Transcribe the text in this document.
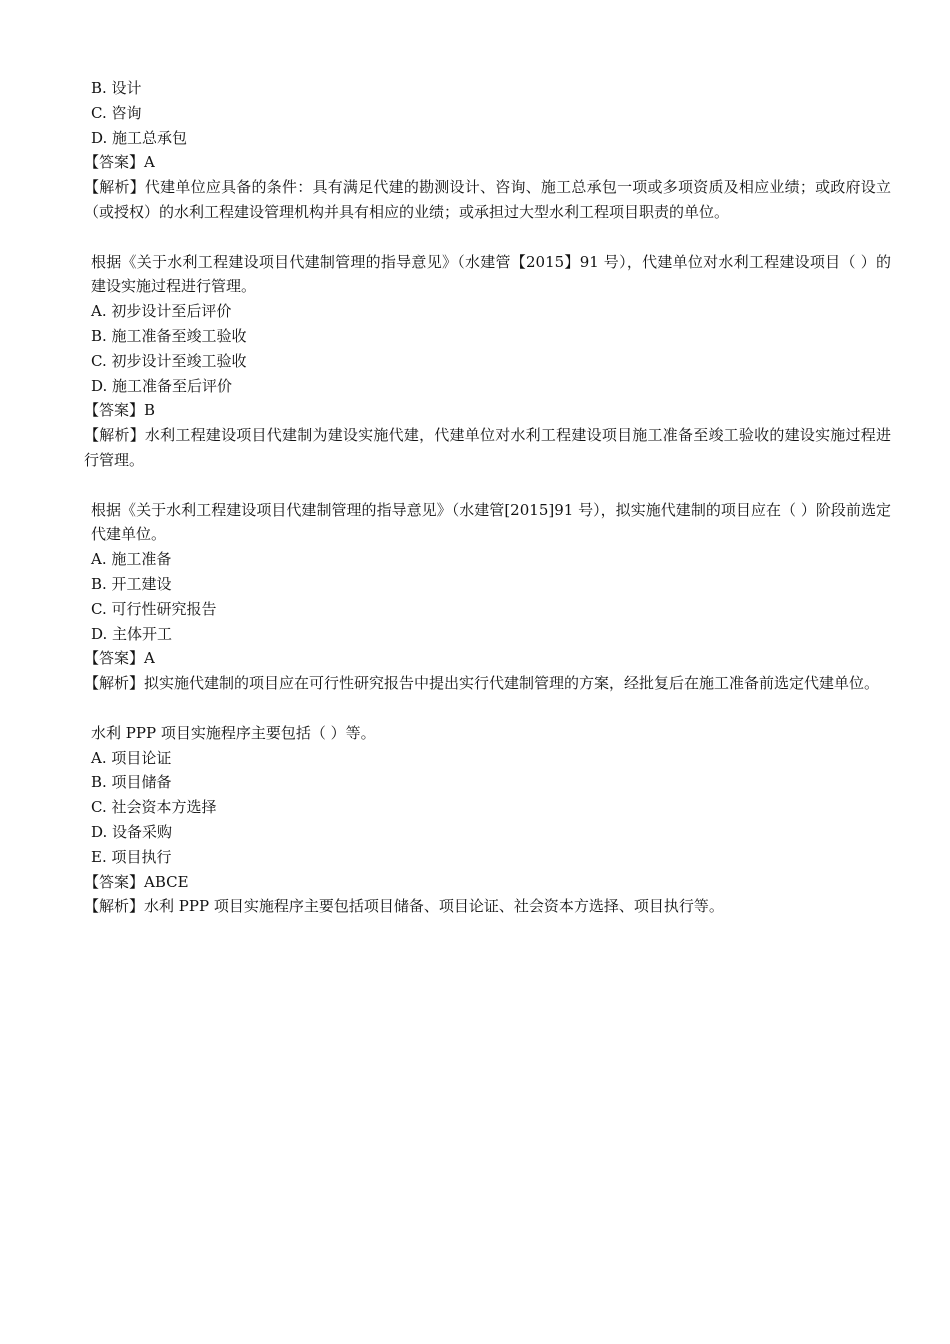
B. 设计
C. 咨询
D. 施工总承包
【答案】A
【解析】代建单位应具备的条件：具有满足代建的勘测设计、咨询、施工总承包一项或多项资质及相应业绩；或政府设立（或授权）的水利工程建设管理机构并具有相应的业绩；或承担过大型水利工程项目职责的单位。
根据《关于水利工程建设项目代建制管理的指导意见》（水建管【2015】91 号），代建单位对水利工程建设项目（ ）的建设实施过程进行管理。
A. 初步设计至后评价
B. 施工准备至竣工验收
C. 初步设计至竣工验收
D. 施工准备至后评价
【答案】B
【解析】水利工程建设项目代建制为建设实施代建，代建单位对水利工程建设项目施工准备至竣工验收的建设实施过程进行管理。
根据《关于水利工程建设项目代建制管理的指导意见》（水建管[2015]91 号），拟实施代建制的项目应在（ ）阶段前选定代建单位。
A. 施工准备
B. 开工建设
C. 可行性研究报告
D. 主体开工
【答案】A
【解析】拟实施代建制的项目应在可行性研究报告中提出实行代建制管理的方案，经批复后在施工准备前选定代建单位。
水利 PPP 项目实施程序主要包括（ ）等。
A. 项目论证
B. 项目储备
C. 社会资本方选择
D. 设备采购
E. 项目执行
【答案】ABCE
【解析】水利 PPP 项目实施程序主要包括项目储备、项目论证、社会资本方选择、项目执行等。
